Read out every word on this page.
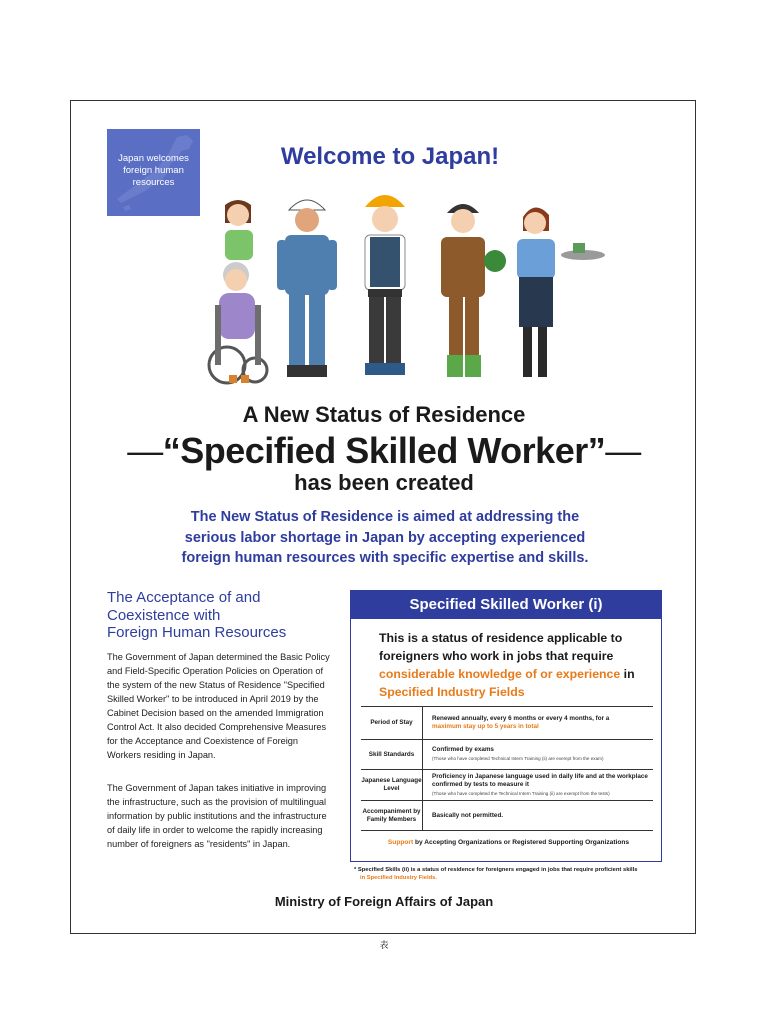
Japan welcomes
foreign human
resources
Welcome to Japan!
A New Status of Residence
—“Specified Skilled Worker”—
has been created
The New Status of Residence is aimed at addressing the
serious labor shortage in Japan by accepting experienced
foreign human resources with specific expertise and skills.
The Acceptance of and
Coexistence with
Foreign Human Resources
The Government of Japan determined the Basic Policy and Field-Specific Operation Policies on Operation of the system of the new Status of Residence "Specified Skilled Worker" to be introduced in April 2019 by the Cabinet Decision based on the amended Immigration Control Act. It also decided Comprehensive Measures for the Acceptance and Coexistence of Foreign Workers residing in Japan.
The Government of Japan takes initiative in improving the infrastructure, such as the provision of multilingual information by public institutions and the infrastructure of daily life in order to welcome the rapidly increasing number of foreigners as "residents" in Japan.
Specified Skilled Worker (i)
This is a status of residence applicable to foreigners who work in jobs that require considerable knowledge of or experience in Specified Industry Fields
Period of Stay
Renewed annually, every 6 months or every 4 months, for a
maximum stay up to 5 years in total
Skill Standards
Confirmed by exams
(Those who have completed Technical Intern Training (ii) are exempt from the exam)
Japanese Language Level
Proficiency in Japanese language used in daily life and at the workplace confirmed by tests to measure it
(Those who have completed the Technical Intern Training (ii) are exempt from the tests)
Accompaniment by Family Members
Basically not permitted.
Support by Accepting Organizations or Registered Supporting Organizations
* Specified Skills (ii) is a status of residence for foreigners engaged in jobs that require proficient skills
in Specified Industry Fields.
Ministry of Foreign Affairs of Japan
表
